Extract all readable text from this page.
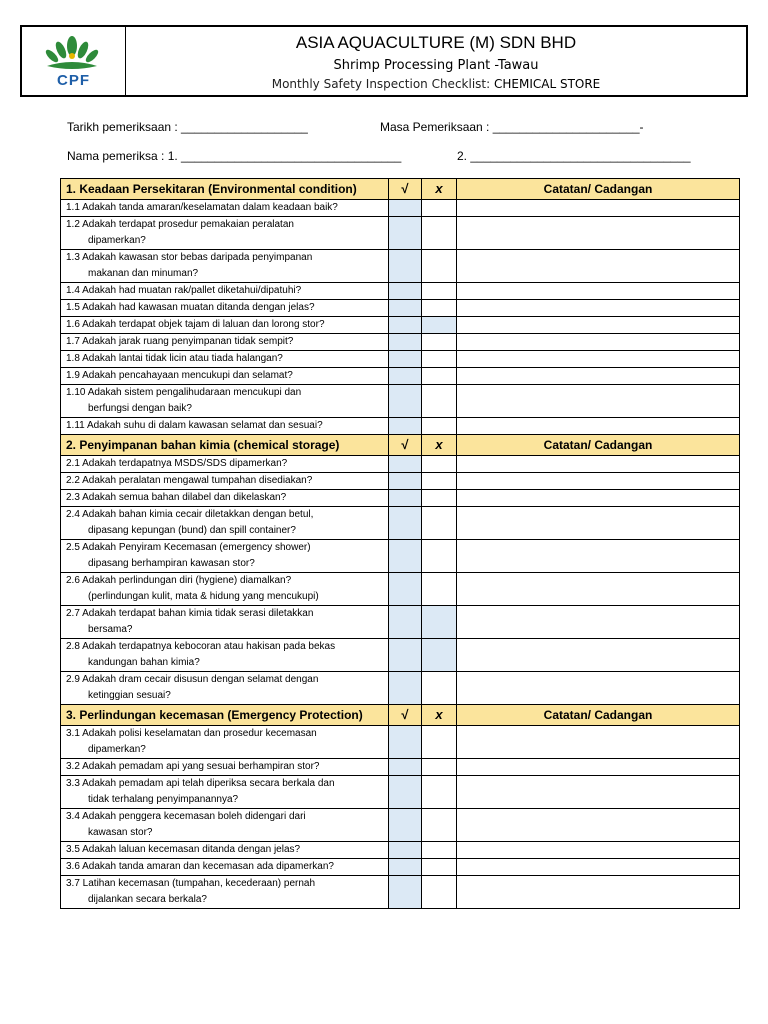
CPF
ASIA AQUACULTURE (M) SDN BHD
Shrimp Processing Plant -Tawau
Monthly Safety Inspection Checklist: CHEMICAL STORE
Tarikh pemeriksaan : ___________________	Masa Pemeriksaan : ______________________-
Nama pemeriksa : 1. _________________________________	2. _________________________________
1. Keadaan Persekitaran (Environmental condition)	√	x	Catatan/ Cadangan

1.1 Adakah tanda amaran/keselamatan dalam keadaan baik?			

1.2 Adakah terdapat prosedur pemakaian peralatan
dipamerkan?			

1.3 Adakah kawasan stor bebas daripada penyimpanan
makanan dan minuman?			

1.4 Adakah had muatan rak/pallet diketahui/dipatuhi?			

1.5 Adakah had kawasan muatan ditanda dengan jelas?			

1.6 Adakah terdapat objek tajam di laluan dan lorong stor?			

1.7 Adakah jarak ruang penyimpanan tidak sempit?			

1.8 Adakah lantai tidak licin atau tiada halangan?			

1.9 Adakah pencahayaan mencukupi dan selamat?			

1.10 Adakah sistem pengalihudaraan mencukupi dan
berfungsi dengan baik?			

1.11 Adakah suhu di dalam kawasan selamat dan sesuai?			

2. Penyimpanan bahan kimia (chemical storage)	√	x	Catatan/ Cadangan

2.1 Adakah terdapatnya MSDS/SDS dipamerkan?			

2.2 Adakah peralatan mengawal tumpahan disediakan?			

2.3 Adakah semua bahan dilabel dan dikelaskan?			

2.4 Adakah bahan kimia cecair diletakkan dengan betul,
dipasang kepungan (bund) dan spill container?			

2.5 Adakah Penyiram Kecemasan (emergency shower)
dipasang berhampiran kawasan stor?			

2.6 Adakah perlindungan diri (hygiene) diamalkan?
(perlindungan kulit, mata & hidung yang mencukupi)			

2.7 Adakah terdapat bahan kimia tidak serasi diletakkan
bersama?			

2.8 Adakah terdapatnya kebocoran atau hakisan pada bekas
kandungan bahan kimia?			

2.9 Adakah dram cecair disusun dengan selamat dengan
ketinggian sesuai?			

3. Perlindungan kecemasan (Emergency Protection)	√	x	Catatan/ Cadangan

3.1 Adakah polisi keselamatan dan prosedur kecemasan
dipamerkan?			

3.2 Adakah pemadam api yang sesuai berhampiran stor?			

3.3 Adakah pemadam api telah diperiksa secara berkala dan
tidak terhalang penyimpanannya?			

3.4 Adakah penggera kecemasan boleh didengari dari
kawasan stor?			

3.5 Adakah laluan kecemasan ditanda dengan jelas?			

3.6 Adakah tanda amaran dan kecemasan ada dipamerkan?			

3.7 Latihan kecemasan (tumpahan, kecederaan) pernah
dijalankan secara berkala?			
